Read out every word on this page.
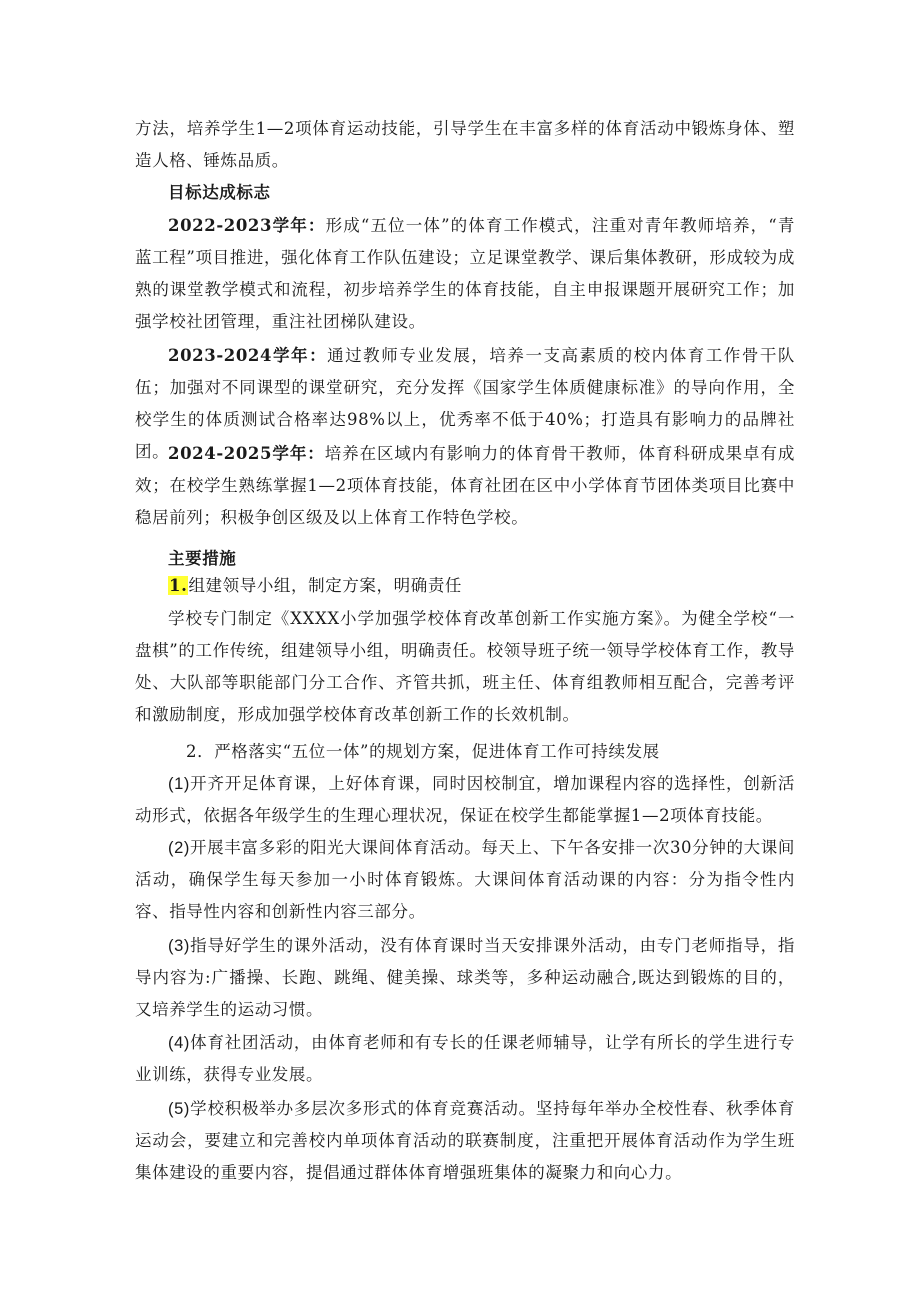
方法，培养学生1—2项体育运动技能，引导学生在丰富多样的体育活动中锻炼身体、塑造人格、锤炼品质。

目标达成标志

2022-2023学年：形成“五位一体”的体育工作模式，注重对青年教师培养，“青蓝工程”项目推进，强化体育工作队伍建设；立足课堂教学、课后集体教研，形成较为成熟的课堂教学模式和流程，初步培养学生的体育技能，自主申报课题开展研究工作；加强学校社团管理，重注社团梯队建设。

2023-2024学年：通过教师专业发展，培养一支高素质的校内体育工作骨干队伍；加强对不同课型的课堂研究，充分发挥《国家学生体质健康标准》的导向作用，全校学生的体质测试合格率达98%以上，优秀率不低于40%；打造具有影响力的品牌社团。

2024-2025学年：培养在区域内有影响力的体育骨干教师，体育科研成果卓有成效；在校学生熟练掌握1—2项体育技能，体育社团在区中小学体育节团体类项目比赛中稳居前列；积极争创区级及以上体育工作特色学校。

主要措施
1.组建领导小组，制定方案，明确责任

学校专门制定《XXXX小学加强学校体育改革创新工作实施方案》。为健全学校“一盘棋”的工作传统，组建领导小组，明确责任。校领导班子统一领导学校体育工作，教导处、大队部等职能部门分工合作、齐管共抓，班主任、体育组教师相互配合，完善考评和激励制度，形成加强学校体育改革创新工作的长效机制。

2．严格落实“五位一体”的规划方案，促进体育工作可持续发展

(1)开齐开足体育课，上好体育课，同时因校制宜，增加课程内容的选择性，创新活动形式，依据各年级学生的生理心理状况，保证在校学生都能掌握1—2项体育技能。

(2)开展丰富多彩的阳光大课间体育活动。每天上、下午各安排一次30分钟的大课间活动，确保学生每天参加一小时体育锻炼。大课间体育活动课的内容：分为指令性内容、指导性内容和创新性内容三部分。

(3)指导好学生的课外活动，没有体育课时当天安排课外活动，由专门老师指导，指导内容为:广播操、长跑、跳绳、健美操、球类等，多种运动融合,既达到锻炼的目的，又培养学生的运动习惯。

(4)体育社团活动，由体育老师和有专长的任课老师辅导，让学有所长的学生进行专业训练，获得专业发展。

(5)学校积极举办多层次多形式的体育竞赛活动。坚持每年举办全校性春、秋季体育运动会，要建立和完善校内单项体育活动的联赛制度，注重把开展体育活动作为学生班集体建设的重要内容，提倡通过群体体育增强班集体的凝聚力和向心力。
